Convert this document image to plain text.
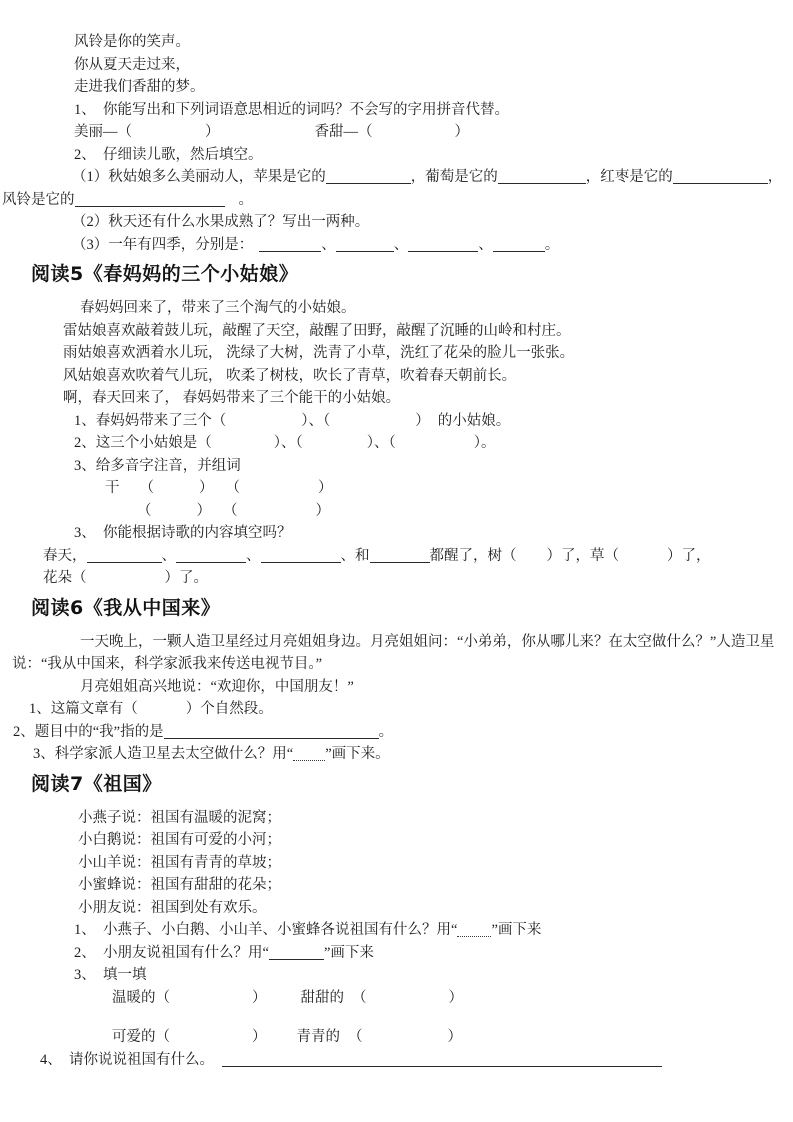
风铃是你的笑声。
你从夏天走过来，
走进我们香甜的梦。
1、　你能写出和下列词语意思相近的词吗？不会写的字用拼音代替。
美丽—（	）	香甜—（	）
2、　仔细读儿歌，然后填空。
（1）秋姑娘多么美丽动人，苹果是它的	，葡萄是它的	，红枣是它的	，
风铃是它的	。
（2）秋天还有什么水果成熟了？写出一两种。
（3）一年有四季，分别是：	、	、	、	。
阅读5《春妈妈的三个小姑娘》
春妈妈回来了，带来了三个淘气的小姑娘。
雷姑娘喜欢敲着鼓儿玩，敲醒了天空，敲醒了田野，敲醒了沉睡的山岭和村庄。
雨姑娘喜欢洒着水儿玩， 洗绿了大树，洗青了小草，洗红了花朵的脸儿一张张。
风姑娘喜欢吹着气儿玩， 吹柔了树枝，吹长了青草，吹着春天朝前长。
啊，春天回来了， 春妈妈带来了三个能干的小姑娘。
1、春妈妈带来了三个（	）、（	） 的小姑娘。
2、这三个小姑娘是（	）、（	）、（	）。
3、给多音字注音，并组词
干 （	） （	）
（	） （	）
3、　你能根据诗歌的内容填空吗？
春天，	、	、	、和	都醒了，树（ ）了，草（	）了，
花朵（	）了。
阅读6《我从中国来》
一天晚上，一颗人造卫星经过月亮姐姐身边。月亮姐姐问：“小弟弟，你从哪儿来？在太空做什么？”人造卫星
说：“我从中国来，科学家派我来传送电视节目。”
月亮姐姐高兴地说：“欢迎你，中国朋友！”
1、这篇文章有（	）个自然段。
2、题目中的“我”指的是	。
3、科学家派人造卫星去太空做什么？用“ ”画下来。
阅读7《祖国》
小燕子说：祖国有温暖的泥窝；
小白鹅说：祖国有可爱的小河；
小山羊说：祖国有青青的草坡；
小蜜蜂说：祖国有甜甜的花朵；
小朋友说：祖国到处有欢乐。
1、　小燕子、小白鹅、小山羊、小蜜蜂各说祖国有什么？用“ ”画下来
2、　小朋友说祖国有什么？用“	”画下来
3、　填一填
温暖的（	） 甜甜的 （	）
可爱的（	） 青青的 （	）
4、　请你说说祖国有什么。
